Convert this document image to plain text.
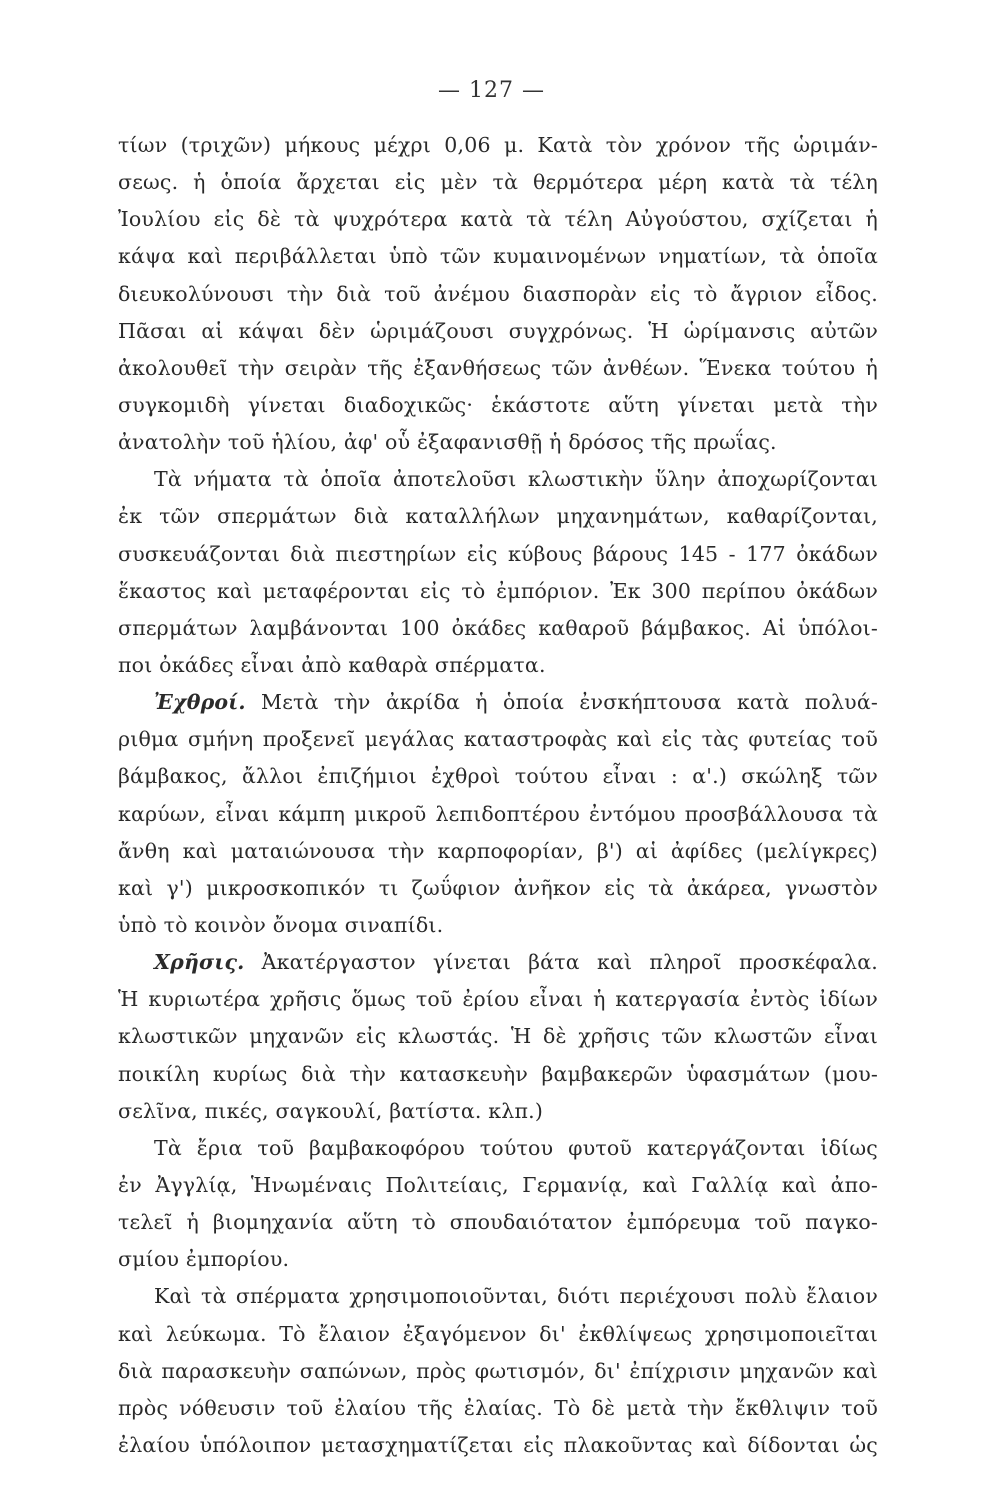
— 127 —
τίων (τριχῶν) μήκους μέχρι 0,06 μ. Κατὰ τὸν χρόνον τῆς ὡριμάν-
σεως. ἡ ὁποία ἄρχεται εἰς μὲν τὰ θερμότερα μέρη κατὰ τὰ τέλη
Ἰουλίου εἰς δὲ τὰ ψυχρότερα κατὰ τὰ τέλη Αὐγούστου, σχίζεται ἡ
κάψα καὶ περιβάλλεται ὑπὸ τῶν κυμαινομένων νηματίων, τὰ ὁποῖα
διευκολύνουσι τὴν διὰ τοῦ ἀνέμου διασπορὰν εἰς τὸ ἄγριον εἶδος.
Πᾶσαι αἱ κάψαι δὲν ὡριμάζουσι συγχρόνως. Ἡ ὡρίμανσις αὐτῶν
ἀκολουθεῖ τὴν σειρὰν τῆς ἐξανθήσεως τῶν ἀνθέων. Ἕνεκα τούτου ἡ
συγκομιδὴ γίνεται διαδοχικῶς· ἑκάστοτε αὕτη γίνεται μετὰ τὴν
ἀνατολὴν τοῦ ἡλίου, ἀφ' οὗ ἐξαφανισθῇ ἡ δρόσος τῆς πρωΐας.
Τὰ νήματα τὰ ὁποῖα ἀποτελοῦσι κλωστικὴν ὕλην ἀποχωρίζονται
ἐκ τῶν σπερμάτων διὰ καταλλήλων μηχανημάτων, καθαρίζονται,
συσκευάζονται διὰ πιεστηρίων εἰς κύβους βάρους 145 - 177 ὀκάδων
ἕκαστος καὶ μεταφέρονται εἰς τὸ ἐμπόριον. Ἐκ 300 περίπου ὀκάδων
σπερμάτων λαμβάνονται 100 ὀκάδες καθαροῦ βάμβακος. Αἱ ὑπόλοι-
ποι ὀκάδες εἶναι ἀπὸ καθαρὰ σπέρματα.
Ἐχθροί. Μετὰ τὴν ἀκρίδα ἡ ὁποία ἐνσκήπτουσα κατὰ πολυά-
ριθμα σμήνη προξενεῖ μεγάλας καταστροφὰς καὶ εἰς τὰς φυτείας τοῦ
βάμβακος, ἄλλοι ἐπιζήμιοι ἐχθροὶ τούτου εἶναι : α'.) σκώληξ τῶν
καρύων, εἶναι κάμπη μικροῦ λεπιδοπτέρου ἐντόμου προσβάλλουσα τὰ
ἄνθη καὶ ματαιώνουσα τὴν καρποφορίαν, β') αἱ ἀφίδες (μελίγκρες)
καὶ γ') μικροσκοπικόν τι ζωΰφιον ἀνῆκον εἰς τὰ ἀκάρεα, γνωστὸν
ὑπὸ τὸ κοινὸν ὄνομα σιναπίδι.
Χρῆσις. Ἀκατέργαστον γίνεται βάτα καὶ πληροῖ προσκέφαλα.
Ἡ κυριωτέρα χρῆσις ὅμως τοῦ ἐρίου εἶναι ἡ κατεργασία ἐντὸς ἰδίων
κλωστικῶν μηχανῶν εἰς κλωστάς. Ἡ δὲ χρῆσις τῶν κλωστῶν εἶναι
ποικίλη κυρίως διὰ τὴν κατασκευὴν βαμβακερῶν ὑφασμάτων (μου-
σελῖνα, πικές, σαγκουλί, βατίστα. κλπ.)
Τὰ ἔρια τοῦ βαμβακοφόρου τούτου φυτοῦ κατεργάζονται ἰδίως
ἐν Ἀγγλίᾳ, Ἡνωμέναις Πολιτείαις, Γερμανίᾳ, καὶ Γαλλίᾳ καὶ ἀπο-
τελεῖ ἡ βιομηχανία αὕτη τὸ σπουδαιότατον ἐμπόρευμα τοῦ παγκο-
σμίου ἐμπορίου.
Καὶ τὰ σπέρματα χρησιμοποιοῦνται, διότι περιέχουσι πολὺ ἔλαιον
καὶ λεύκωμα. Τὸ ἔλαιον ἐξαγόμενον δι' ἐκθλίψεως χρησιμοποιεῖται
διὰ παρασκευὴν σαπώνων, πρὸς φωτισμόν, δι' ἐπίχρισιν μηχανῶν καὶ
πρὸς νόθευσιν τοῦ ἐλαίου τῆς ἐλαίας. Τὸ δὲ μετὰ τὴν ἔκθλιψιν τοῦ
ἐλαίου ὑπόλοιπον μετασχηματίζεται εἰς πλακοῦντας καὶ δίδονται ὡς
